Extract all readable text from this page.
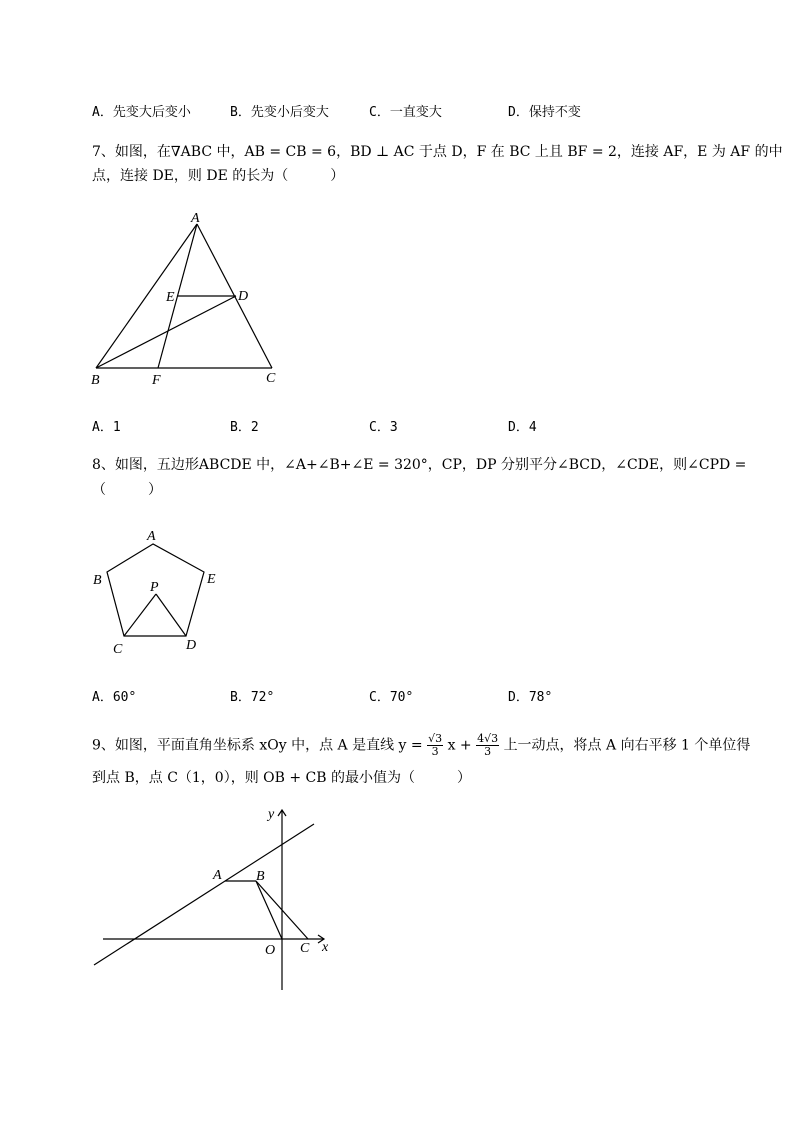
A．先变大后变小	B．先变小后变大	C．一直变大	D．保持不变
7、如图，在∇ABC 中，AB = CB = 6，BD ⊥ AC 于点 D，F 在 BC 上且 BF = 2，连接 AF，E 为 AF 的中
点，连接 DE，则 DE 的长为（　　　）
A
B	C
D
E
F
A．1	B．2	C．3	D．4
8、如图，五边形ABCDE 中，∠A+∠B+∠E = 320°，CP，DP 分别平分∠BCD，∠CDE，则∠CPD =
（　　　）
A
B
C	D
E
P
A．60°	B．72°	C．70°	D．78°
9、如图，平面直角坐标系 xOy 中，点 A 是直线 $y = \frac{√3}{3}$ $x + \frac{4√3}{3}$ 上一动点，将点 A 向右平移 1 个单位得
到点 B，点 C（1，0），则 OB + CB 的最小值为（　　　）
A B
C
O	x
y
